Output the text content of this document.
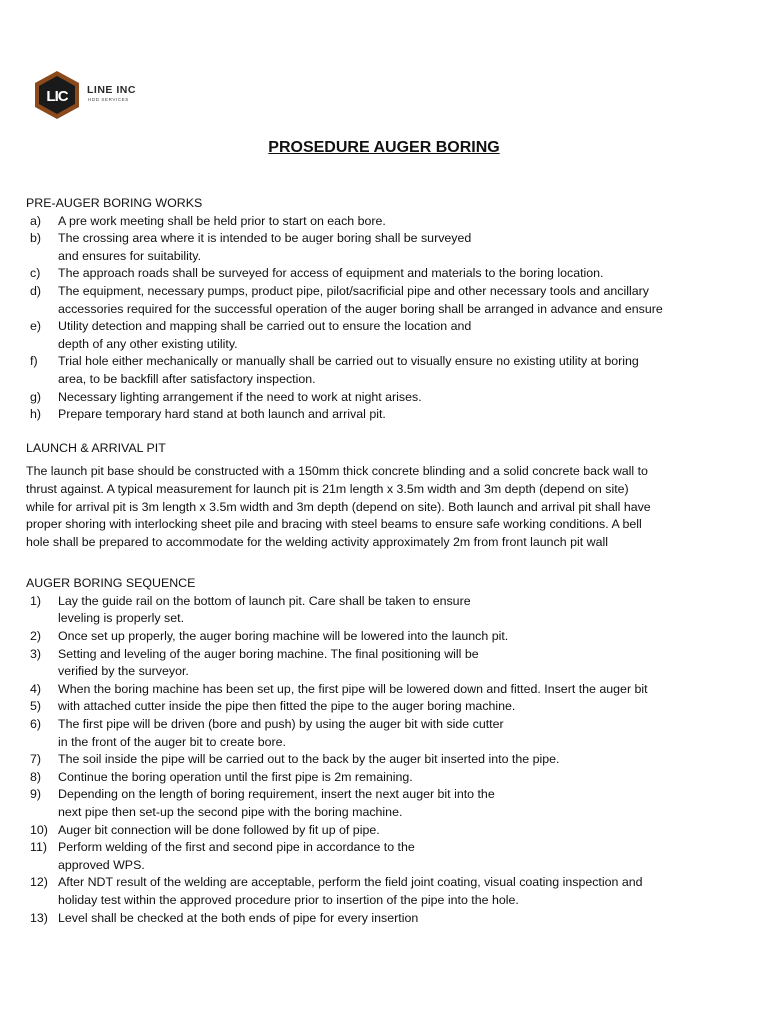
LIC LINE INC
HDD SERVICES
PROSEDURE AUGER BORING
PRE-AUGER BORING WORKS
a)	A pre work meeting shall be held prior to start on each bore.
b)	The crossing area where it is intended to be auger boring shall be surveyed
and ensures for suitability.
c)	The approach roads shall be surveyed for access of equipment and materials to the boring location.
d)	The equipment, necessary pumps, product pipe, pilot/sacrificial pipe and other necessary tools and ancillary
accessories required for the successful operation of the auger boring shall be arranged in advance and ensure
e)	Utility detection and mapping shall be carried out to ensure the location and
depth of any other existing utility.
f)	Trial hole either mechanically or manually shall be carried out to visually ensure no existing utility at boring
area, to be backfill after satisfactory inspection.
g)	Necessary lighting arrangement if the need to work at night arises.
h)	Prepare temporary hard stand at both launch and arrival pit.
LAUNCH & ARRIVAL PIT
The launch pit base should be constructed with a 150mm thick concrete blinding and a solid concrete back wall to
thrust against. A typical measurement for launch pit is 21m length x 3.5m width and 3m depth (depend on site)
while for arrival pit is 3m length x 3.5m width and 3m depth (depend on site). Both launch and arrival pit shall have
proper shoring with interlocking sheet pile and bracing with steel beams to ensure safe working conditions. A bell
hole shall be prepared to accommodate for the welding activity approximately 2m from front launch pit wall
AUGER BORING SEQUENCE
1)	Lay the guide rail on the bottom of launch pit. Care shall be taken to ensure
leveling is properly set.
2)	Once set up properly, the auger boring machine will be lowered into the launch pit.
3)	Setting and leveling of the auger boring machine. The final positioning will be
verified by the surveyor.
4)	When the boring machine has been set up, the first pipe will be lowered down and fitted. Insert the auger bit
5)	with attached cutter inside the pipe then fitted the pipe to the auger boring machine.
6)	The first pipe will be driven (bore and push) by using the auger bit with side cutter
in the front of the auger bit to create bore.
7)	The soil inside the pipe will be carried out to the back by the auger bit inserted into the pipe.
8)	Continue the boring operation until the first pipe is 2m remaining.
9)	Depending on the length of boring requirement, insert the next auger bit into the
next pipe then set-up the second pipe with the boring machine.
10) Auger bit connection will be done followed by fit up of pipe.
11) Perform welding of the first and second pipe in accordance to the
approved WPS.
12) After NDT result of the welding are acceptable, perform the field joint coating, visual coating inspection and
holiday test within the approved procedure prior to insertion of the pipe into the hole.
13) Level shall be checked at the both ends of pipe for every insertion
